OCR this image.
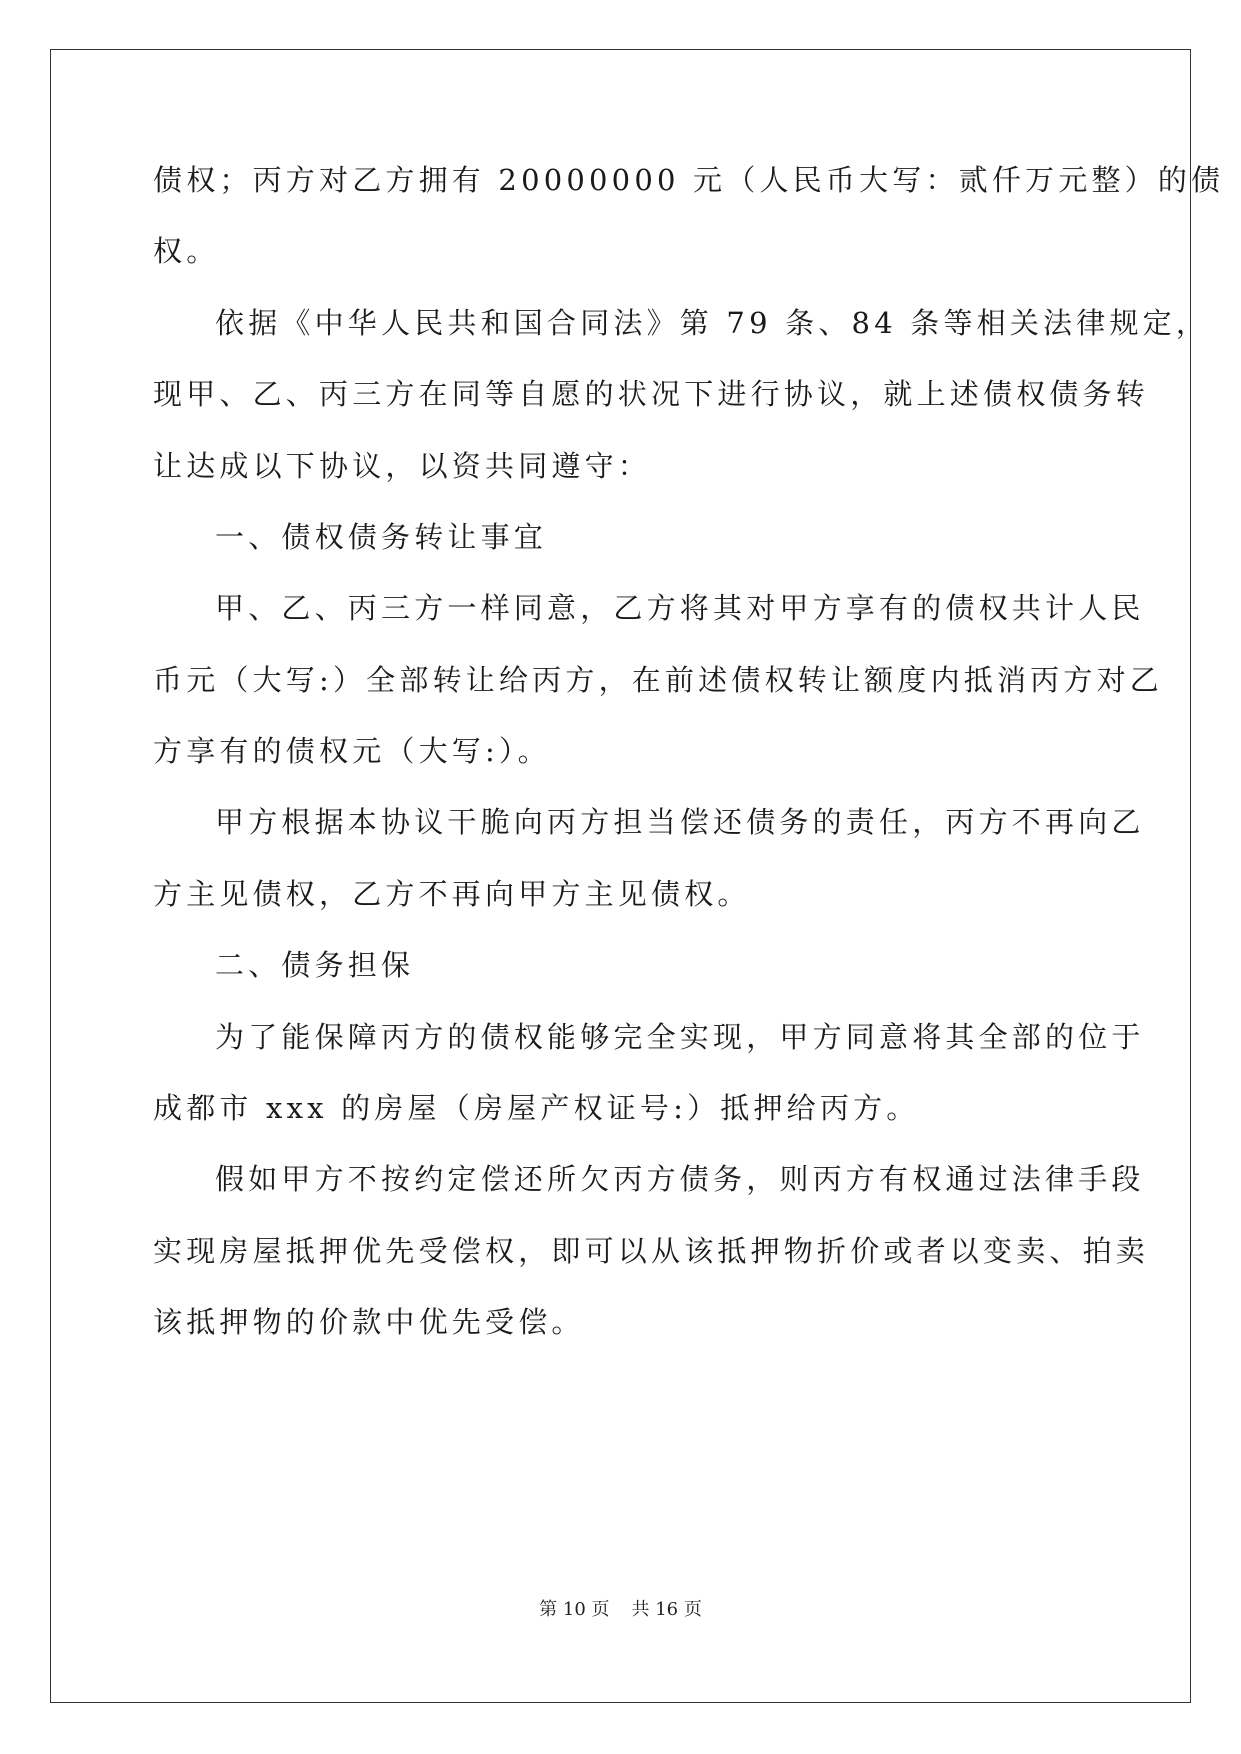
债权；丙方对乙方拥有 20000000 元（人民币大写：贰仟万元整）的债
权。
依据《中华人民共和国合同法》第 79 条、84 条等相关法律规定，
现甲、乙、丙三方在同等自愿的状况下进行协议，就上述债权债务转
让达成以下协议，以资共同遵守：
一、债权债务转让事宜
甲、乙、丙三方一样同意，乙方将其对甲方享有的债权共计人民
币元（大写:）全部转让给丙方，在前述债权转让额度内抵消丙方对乙
方享有的债权元（大写:）。
甲方根据本协议干脆向丙方担当偿还债务的责任，丙方不再向乙
方主见债权，乙方不再向甲方主见债权。
二、债务担保
为了能保障丙方的债权能够完全实现，甲方同意将其全部的位于
成都市 xxx 的房屋（房屋产权证号:）抵押给丙方。
假如甲方不按约定偿还所欠丙方债务，则丙方有权通过法律手段
实现房屋抵押优先受偿权，即可以从该抵押物折价或者以变卖、拍卖
该抵押物的价款中优先受偿。
第 10 页 共 16 页
